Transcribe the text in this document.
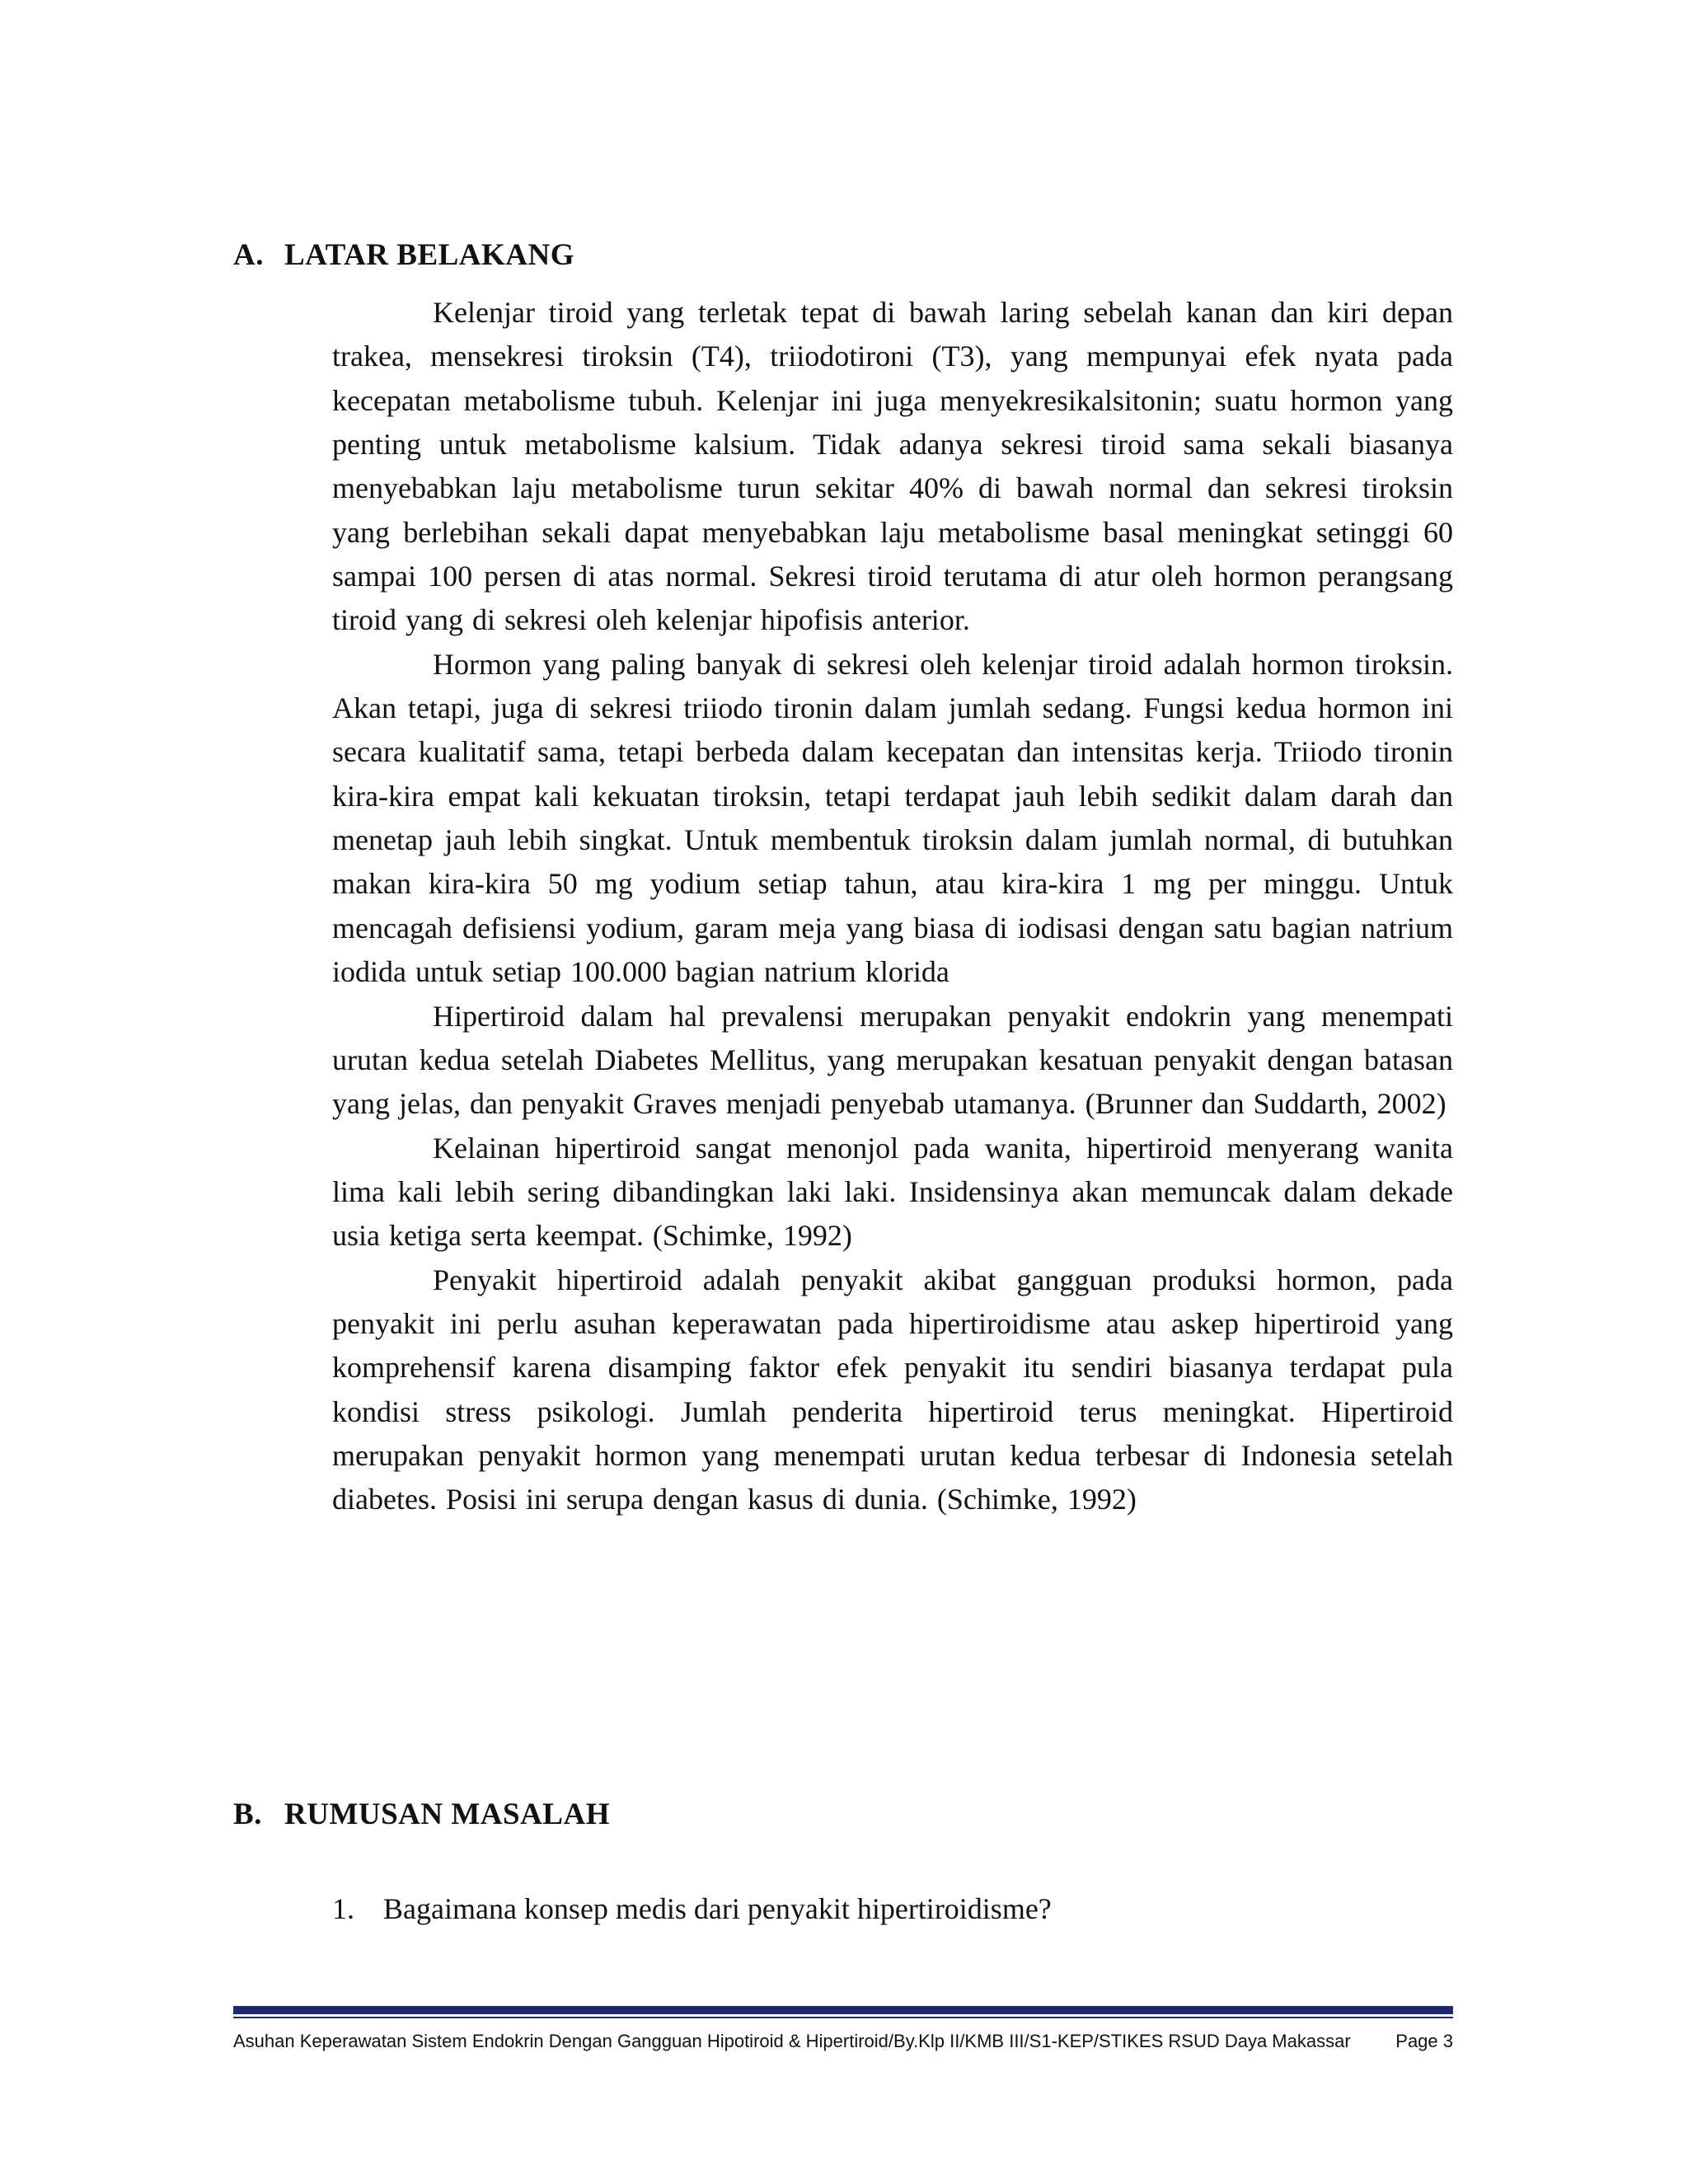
A. LATAR BELAKANG

Kelenjar tiroid yang terletak tepat di bawah laring sebelah kanan dan kiri depan trakea, mensekresi tiroksin (T4), triiodotironi (T3), yang mempunyai efek nyata pada kecepatan metabolisme tubuh. Kelenjar ini juga menyekresikalsitonin; suatu hormon yang penting untuk metabolisme kalsium. Tidak adanya sekresi tiroid sama sekali biasanya menyebabkan laju metabolisme turun sekitar 40% di bawah normal dan sekresi tiroksin yang berlebihan sekali dapat menyebabkan laju metabolisme basal meningkat setinggi 60 sampai 100 persen di atas normal. Sekresi tiroid terutama di atur oleh hormon perangsang tiroid yang di sekresi oleh kelenjar hipofisis anterior.

Hormon yang paling banyak di sekresi oleh kelenjar tiroid adalah hormon tiroksin. Akan tetapi, juga di sekresi triiodo tironin dalam jumlah sedang. Fungsi kedua hormon ini secara kualitatif sama, tetapi berbeda dalam kecepatan dan intensitas kerja. Triiodo tironin kira-kira empat kali kekuatan tiroksin, tetapi terdapat jauh lebih sedikit dalam darah dan menetap jauh lebih singkat. Untuk membentuk tiroksin dalam jumlah normal, di butuhkan makan kira-kira 50 mg yodium setiap tahun, atau kira-kira 1 mg per minggu. Untuk mencagah defisiensi yodium, garam meja yang biasa di iodisasi dengan satu bagian natrium iodida untuk setiap 100.000 bagian natrium klorida

Hipertiroid dalam hal prevalensi merupakan penyakit endokrin yang menempati urutan kedua setelah Diabetes Mellitus, yang merupakan kesatuan penyakit dengan batasan yang jelas, dan penyakit Graves menjadi penyebab utamanya. (Brunner dan Suddarth, 2002)

Kelainan hipertiroid sangat menonjol pada wanita, hipertiroid menyerang wanita lima kali lebih sering dibandingkan laki laki. Insidensinya akan memuncak dalam dekade usia ketiga serta keempat. (Schimke, 1992)

Penyakit hipertiroid adalah penyakit akibat gangguan produksi hormon, pada penyakit ini perlu asuhan keperawatan pada hipertiroidisme atau askep hipertiroid yang komprehensif karena disamping faktor efek penyakit itu sendiri biasanya terdapat pula kondisi stress psikologi. Jumlah penderita hipertiroid terus meningkat. Hipertiroid merupakan penyakit hormon yang menempati urutan kedua terbesar di Indonesia setelah diabetes. Posisi ini serupa dengan kasus di dunia. (Schimke, 1992)

B. RUMUSAN MASALAH
1. Bagaimana konsep medis dari penyakit hipertiroidisme?
Asuhan Keperawatan Sistem Endokrin Dengan Gangguan Hipotiroid & Hipertiroid/By.Klp II/KMB III/S1-KEP/STIKES RSUD Daya Makassar Page 3
